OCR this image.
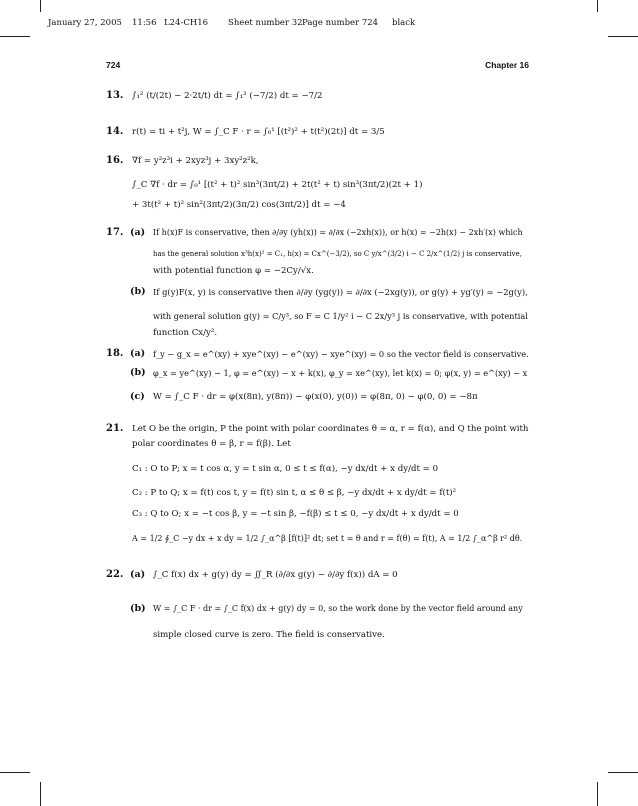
January 27, 2005 11:56 L24-CH16 Sheet number 32 Page number 724 black
724	Chapter 16
13. ∫₁² (t/(2t) − 2·2t/t) dt = ∫₁² (−7/2) dt = −7/2
14. r(t) = ti + t²j, W = ∫_C F · r = ∫₀¹ [(t²)² + t(t²)(2t)] dt = 3/5
16. ∇f = y²z³i + 2xyz³j + 3xy²z²k,
∫_C ∇f · dr = ∫₀¹ [(t² + t)² sin³(3πt/2) + 2t(t² + t) sin³(3πt/2)(2t + 1)
+ 3t(t² + t)² sin²(3πt/2)(3π/2) cos(3πt/2)] dt = −4
17. (a) If h(x)F is conservative, then ∂/∂y (yh(x)) = ∂/∂x (−2xh(x)), or h(x) = −2h(x) − 2xh′(x) which
has the general solution x³h(x)² = C₁, h(x) = Cx^(−3/2), so C y/x^(3/2) i − C 2/x^(1/2) j is conservative,
with potential function φ = −2Cy/√x.
(b) If g(y)F(x, y) is conservative then ∂/∂y (yg(y)) = ∂/∂x (−2xg(y)), or g(y) + yg′(y) = −2g(y),
with general solution g(y) = C/y³, so F = C 1/y² i − C 2x/y³ j is conservative, with potential
function Cx/y².
18. (a) f_y − g_x = e^(xy) + xye^(xy) − e^(xy) − xye^(xy) = 0 so the vector field is conservative.
(b) φ_x = ye^(xy) − 1, φ = e^(xy) − x + k(x), φ_y = xe^(xy), let k(x) = 0; φ(x, y) = e^(xy) − x
(c) W = ∫_C F · dr = φ(x(8π), y(8π)) − φ(x(0), y(0)) = φ(8π, 0) − φ(0, 0) = −8π
21. Let O be the origin, P the point with polar coordinates θ = α, r = f(α), and Q the point with
polar coordinates θ = β, r = f(β). Let
C₁ : O to P; x = t cos α, y = t sin α, 0 ≤ t ≤ f(α), −y dx/dt + x dy/dt = 0
C₂ : P to Q; x = f(t) cos t, y = f(t) sin t, α ≤ θ ≤ β, −y dx/dt + x dy/dt = f(t)²
C₃ : Q to O; x = −t cos β, y = −t sin β, −f(β) ≤ t ≤ 0, −y dx/dt + x dy/dt = 0
A = 1/2 ∮_C −y dx + x dy = 1/2 ∫_α^β [f(t)]² dt; set t = θ and r = f(θ) = f(t), A = 1/2 ∫_α^β r² dθ.
22. (a) ∫_C f(x) dx + g(y) dy = ∬_R (∂/∂x g(y) − ∂/∂y f(x)) dA = 0
(b) W = ∫_C F · dr = ∫_C f(x) dx + g(y) dy = 0, so the work done by the vector field around any
simple closed curve is zero. The field is conservative.
